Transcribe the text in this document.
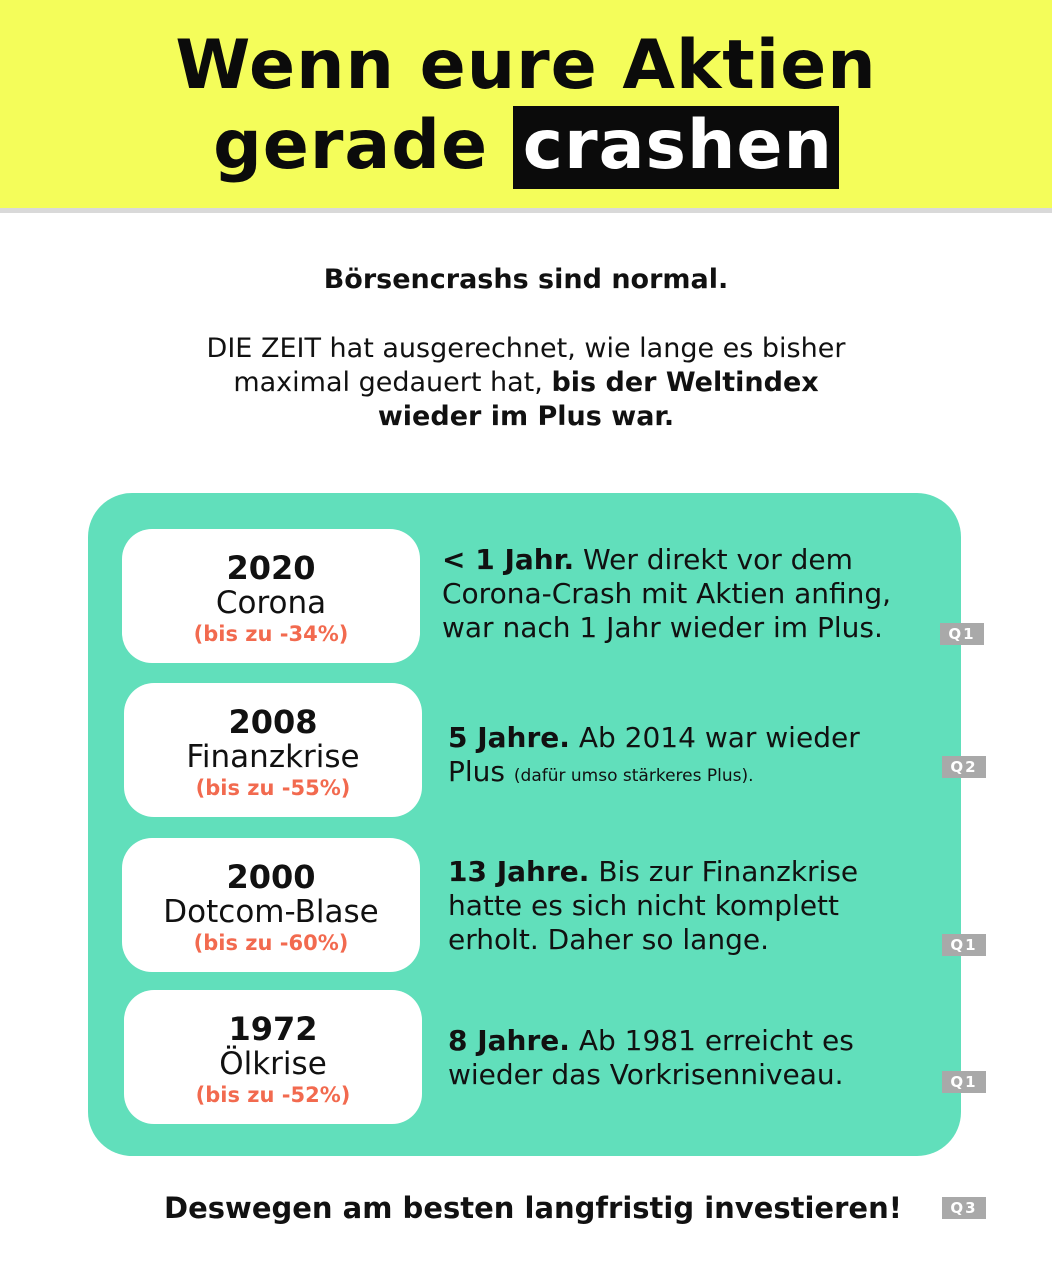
Wenn eure Aktien
gerade crashen
Börsencrashs sind normal.
DIE ZEIT hat ausgerechnet, wie lange es bisher maximal gedauert hat, bis der Weltindex wieder im Plus war.
2020
Corona
(bis zu -34%)
< 1 Jahr. Wer direkt vor dem Corona-Crash mit Aktien anfing, war nach 1 Jahr wieder im Plus.	Q1
2008
Finanzkrise
(bis zu -55%)
5 Jahre. Ab 2014 war wieder Plus (dafür umso stärkeres Plus).	Q2
2000
Dotcom-Blase
(bis zu -60%)
13 Jahre. Bis zur Finanzkrise hatte es sich nicht komplett erholt. Daher so lange.	Q1
1972
Ölkrise
(bis zu -52%)
8 Jahre. Ab 1981 erreicht es wieder das Vorkrisenniveau.	Q1
Deswegen am besten langfristig investieren!	Q3
